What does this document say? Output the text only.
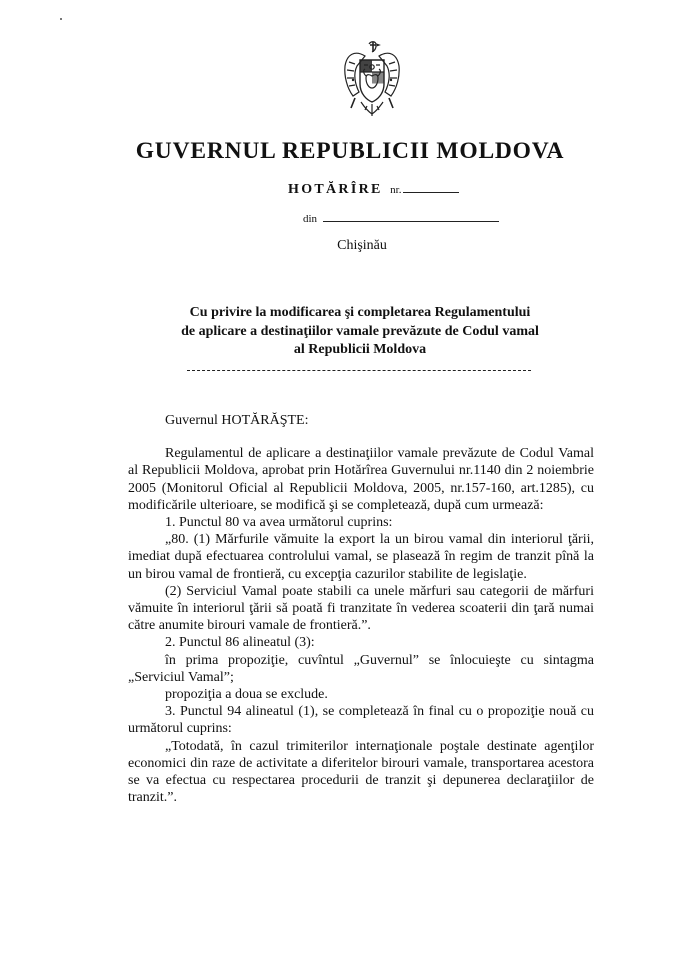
GUVERNUL REPUBLICII MOLDOVA
HOTĂRÎRE nr.
din
Chişinău
Cu privire la modificarea şi completarea Regulamentului
de aplicare a destinaţiilor vamale prevăzute de Codul vamal
al Republicii Moldova

Guvernul HOTĂRĂŞTE:

Regulamentul de aplicare a destinaţiilor vamale prevăzute de Codul Vamal al Republicii Moldova, aprobat prin Hotărîrea Guvernului nr.1140 din 2 noiembrie 2005 (Monitorul Oficial al Republicii Moldova, 2005, nr.157-160, art.1285), cu modificările ulterioare, se modifică şi se completează, după cum urmează:

1. Punctul 80 va avea următorul cuprins:

„80. (1) Mărfurile vămuite la export la un birou vamal din interiorul ţării, imediat după efectuarea controlului vamal, se plasează în regim de tranzit pînă la un birou vamal de frontieră, cu excepţia cazurilor stabilite de legislaţie.

(2) Serviciul Vamal poate stabili ca unele mărfuri sau categorii de mărfuri vămuite în interiorul ţării să poată fi tranzitate în vederea scoaterii din ţară numai către anumite birouri vamale de frontieră.”.

2. Punctul 86 alineatul (3):

în prima propoziţie, cuvîntul „Guvernul” se înlocuieşte cu sintagma „Serviciul Vamal”;

propoziţia a doua se exclude.

3. Punctul 94 alineatul (1), se completează în final cu o propoziţie nouă cu următorul cuprins:

„Totodată, în cazul trimiterilor internaţionale poştale destinate agenţilor economici din raze de activitate a diferitelor birouri vamale, transportarea acestora se va efectua cu respectarea procedurii de tranzit şi depunerea declaraţiilor de tranzit.”.
